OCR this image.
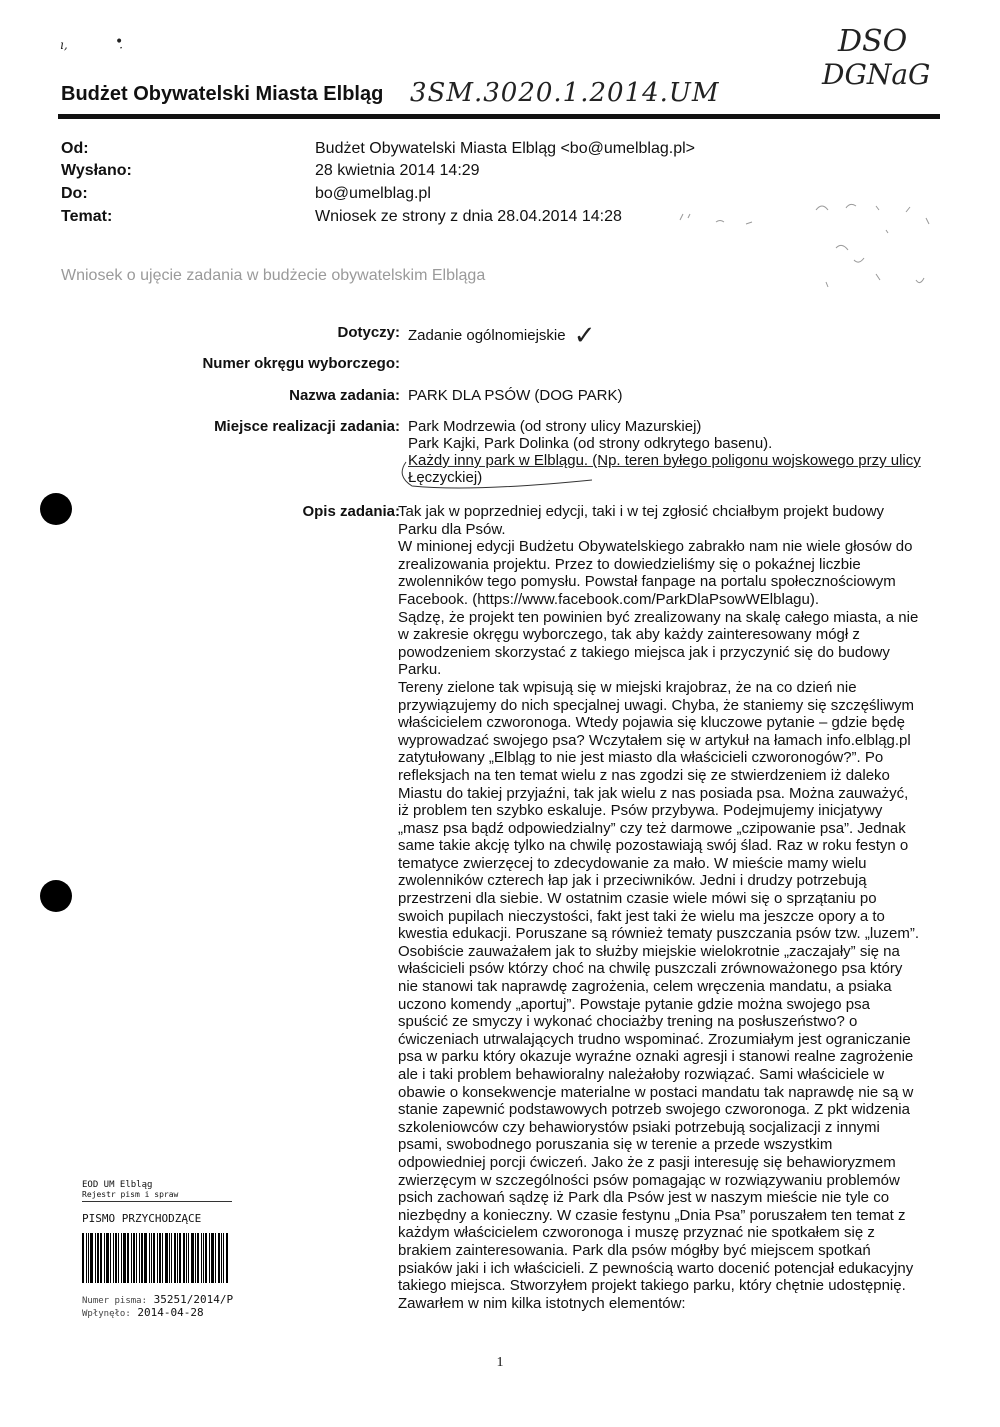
ı,	•̣	DSO
DGNaG
Budżet Obywatelski Miasta Elbląg 3SM.3020.1.2014.UM
Od:	Budżet Obywatelski Miasta Elbląg <bo@umelblag.pl>
Wysłano:	28 kwietnia 2014 14:29
Do:	bo@umelblag.pl
Temat:	Wniosek ze strony z dnia 28.04.2014 14:28
Wniosek o ujęcie zadania w budżecie obywatelskim Elbląga
Dotyczy: Zadanie ogólnomiejskie ✓
Numer okręgu wyborczego:
Nazwa zadania: PARK DLA PSÓW (DOG PARK)
Miejsce realizacji zadania: Park Modrzewia (od strony ulicy Mazurskiej)
Park Kajki, Park Dolinka (od strony odkrytego basenu).
Każdy inny park w Elblągu. (Np. teren byłego poligonu wojskowego przy ulicy
Łęczyckiej)
Opis zadania:
Tak jak w poprzedniej edycji, taki i w tej zgłosić chciałbym projekt budowy
Parku dla Psów.
W minionej edycji Budżetu Obywatelskiego zabrakło nam nie wiele głosów do
zrealizowania projektu. Przez to dowiedzieliśmy się o pokaźnej liczbie
zwolenników tego pomysłu. Powstał fanpage na portalu społecznościowym
Facebook. (https://www.facebook.com/ParkDlaPsowWElblagu).
Sądzę, że projekt ten powinien być zrealizowany na skalę całego miasta, a nie
w zakresie okręgu wyborczego, tak aby każdy zainteresowany mógł z
powodzeniem skorzystać z takiego miejsca jak i przyczynić się do budowy
Parku.
Tereny zielone tak wpisują się w miejski krajobraz, że na co dzień nie
przywiązujemy do nich specjalnej uwagi. Chyba, że staniemy się szczęśliwym
właścicielem czworonoga. Wtedy pojawia się kluczowe pytanie – gdzie będę
wyprowadzać swojego psa? Wczytałem się w artykuł na łamach info.elbląg.pl
zatytułowany „Elbląg to nie jest miasto dla właścicieli czworonogów?”. Po
refleksjach na ten temat wielu z nas zgodzi się ze stwierdzeniem iż daleko
Miastu do takiej przyjaźni, tak jak wielu z nas posiada psa. Można zauważyć,
iż problem ten szybko eskaluje. Psów przybywa. Podejmujemy inicjatywy
„masz psa bądź odpowiedzialny” czy też darmowe „czipowanie psa”. Jednak
same takie akcję tylko na chwilę pozostawiają swój ślad. Raz w roku festyn o
tematyce zwierzęcej to zdecydowanie za mało. W mieście mamy wielu
zwolenników czterech łap jak i przeciwników. Jedni i drudzy potrzebują
przestrzeni dla siebie. W ostatnim czasie wiele mówi się o sprzątaniu po
swoich pupilach nieczystości, fakt jest taki że wielu ma jeszcze opory a to
kwestia edukacji. Poruszane są również tematy puszczania psów tzw. „luzem”.
Osobiście zauważałem jak to służby miejskie wielokrotnie „zaczajały” się na
właścicieli psów którzy choć na chwilę puszczali zrównoważonego psa który
nie stanowi tak naprawdę zagrożenia, celem wręczenia mandatu, a psiaka
uczono komendy „aportuj”. Powstaje pytanie gdzie można swojego psa
spuścić ze smyczy i wykonać chociażby trening na posłuszeństwo? o
ćwiczeniach utrwalających trudno wspominać. Zrozumiałym jest ograniczanie
psa w parku który okazuje wyraźne oznaki agresji i stanowi realne zagrożenie
ale i taki problem behawioralny należałoby rozwiązać. Sami właściciele w
obawie o konsekwencje materialne w postaci mandatu tak naprawdę nie są w
stanie zapewnić podstawowych potrzeb swojego czworonoga. Z pkt widzenia
szkoleniowców czy behawiorystów psiaki potrzebują socjalizacji z innymi
psami, swobodnego poruszania się w terenie a przede wszystkim
odpowiedniej porcji ćwiczeń. Jako że z pasji interesuję się behawioryzmem
zwierzęcym w szczególności psów pomagając w rozwiązywaniu problemów
psich zachowań sądzę iż Park dla Psów jest w naszym mieście nie tyle co
niezbędny a konieczny. W czasie festynu „Dnia Psa” poruszałem ten temat z
każdym właścicielem czworonoga i muszę przyznać nie spotkałem się z
brakiem zainteresowania. Park dla psów mógłby być miejscem spotkań
psiaków jaki i ich właścicieli. Z pewnością warto docenić potencjał edukacyjny
takiego miejsca. Stworzyłem projekt takiego parku, który chętnie udostępnię.
Zawarłem w nim kilka istotnych elementów:
EOD UM Elbląg
Rejestr pism i spraw
PISMO PRZYCHODZĄCE
Numer pisma: 35251/2014/P
Wpłynęło: 2014-04-28
1
